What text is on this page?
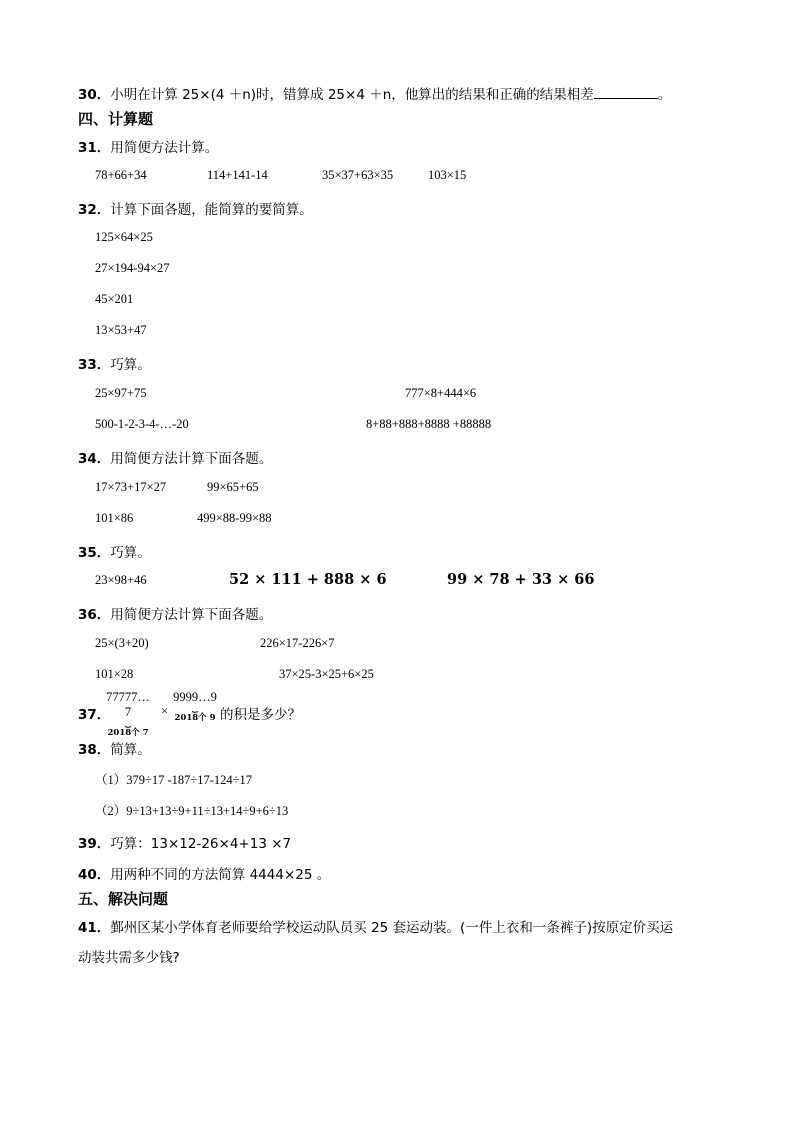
30．小明在计算 25×(4 ＋n)时，错算成 25×4 ＋n，他算出的结果和正确的结果相差	。
四、计算题
31．用简便方法计算。
78+66+34	114+141-14	35×37+63×35	103×15
32．计算下面各题，能简算的要简算。
125×64×25
27×194-94×27
45×201
13×53+47
33．巧算。
25×97+75	777×8+444×6
500-1-2-3-4-…-20	8+88+888+8888 +88888
34．用简便方法计算下面各题。
17×73+17×27	99×65+65
101×86	499×88-99×88
35．巧算。
23×98+46	52 × 111 + 888 × 6	99 × 78 + 33 × 66
36．用简便方法计算下面各题。
25×(3+20)	226×17-226×7
101×28	37×25-3×25+6×25
37．
77777…7
⏟
2018个 7
×
9999…9
⏟
2018个 9 的积是多少？
38．简算。
（1）379÷17 -187÷17-124÷17
（2）9÷13+13÷9+11÷13+14÷9+6÷13
39．巧算：13×12-26×4+13 ×7
40．用两种不同的方法简算 4444×25 。
五、解决问题
41．鄞州区某小学体育老师要给学校运动队员买 25 套运动装。(一件上衣和一条裤子)按原定价买运
动装共需多少钱?
